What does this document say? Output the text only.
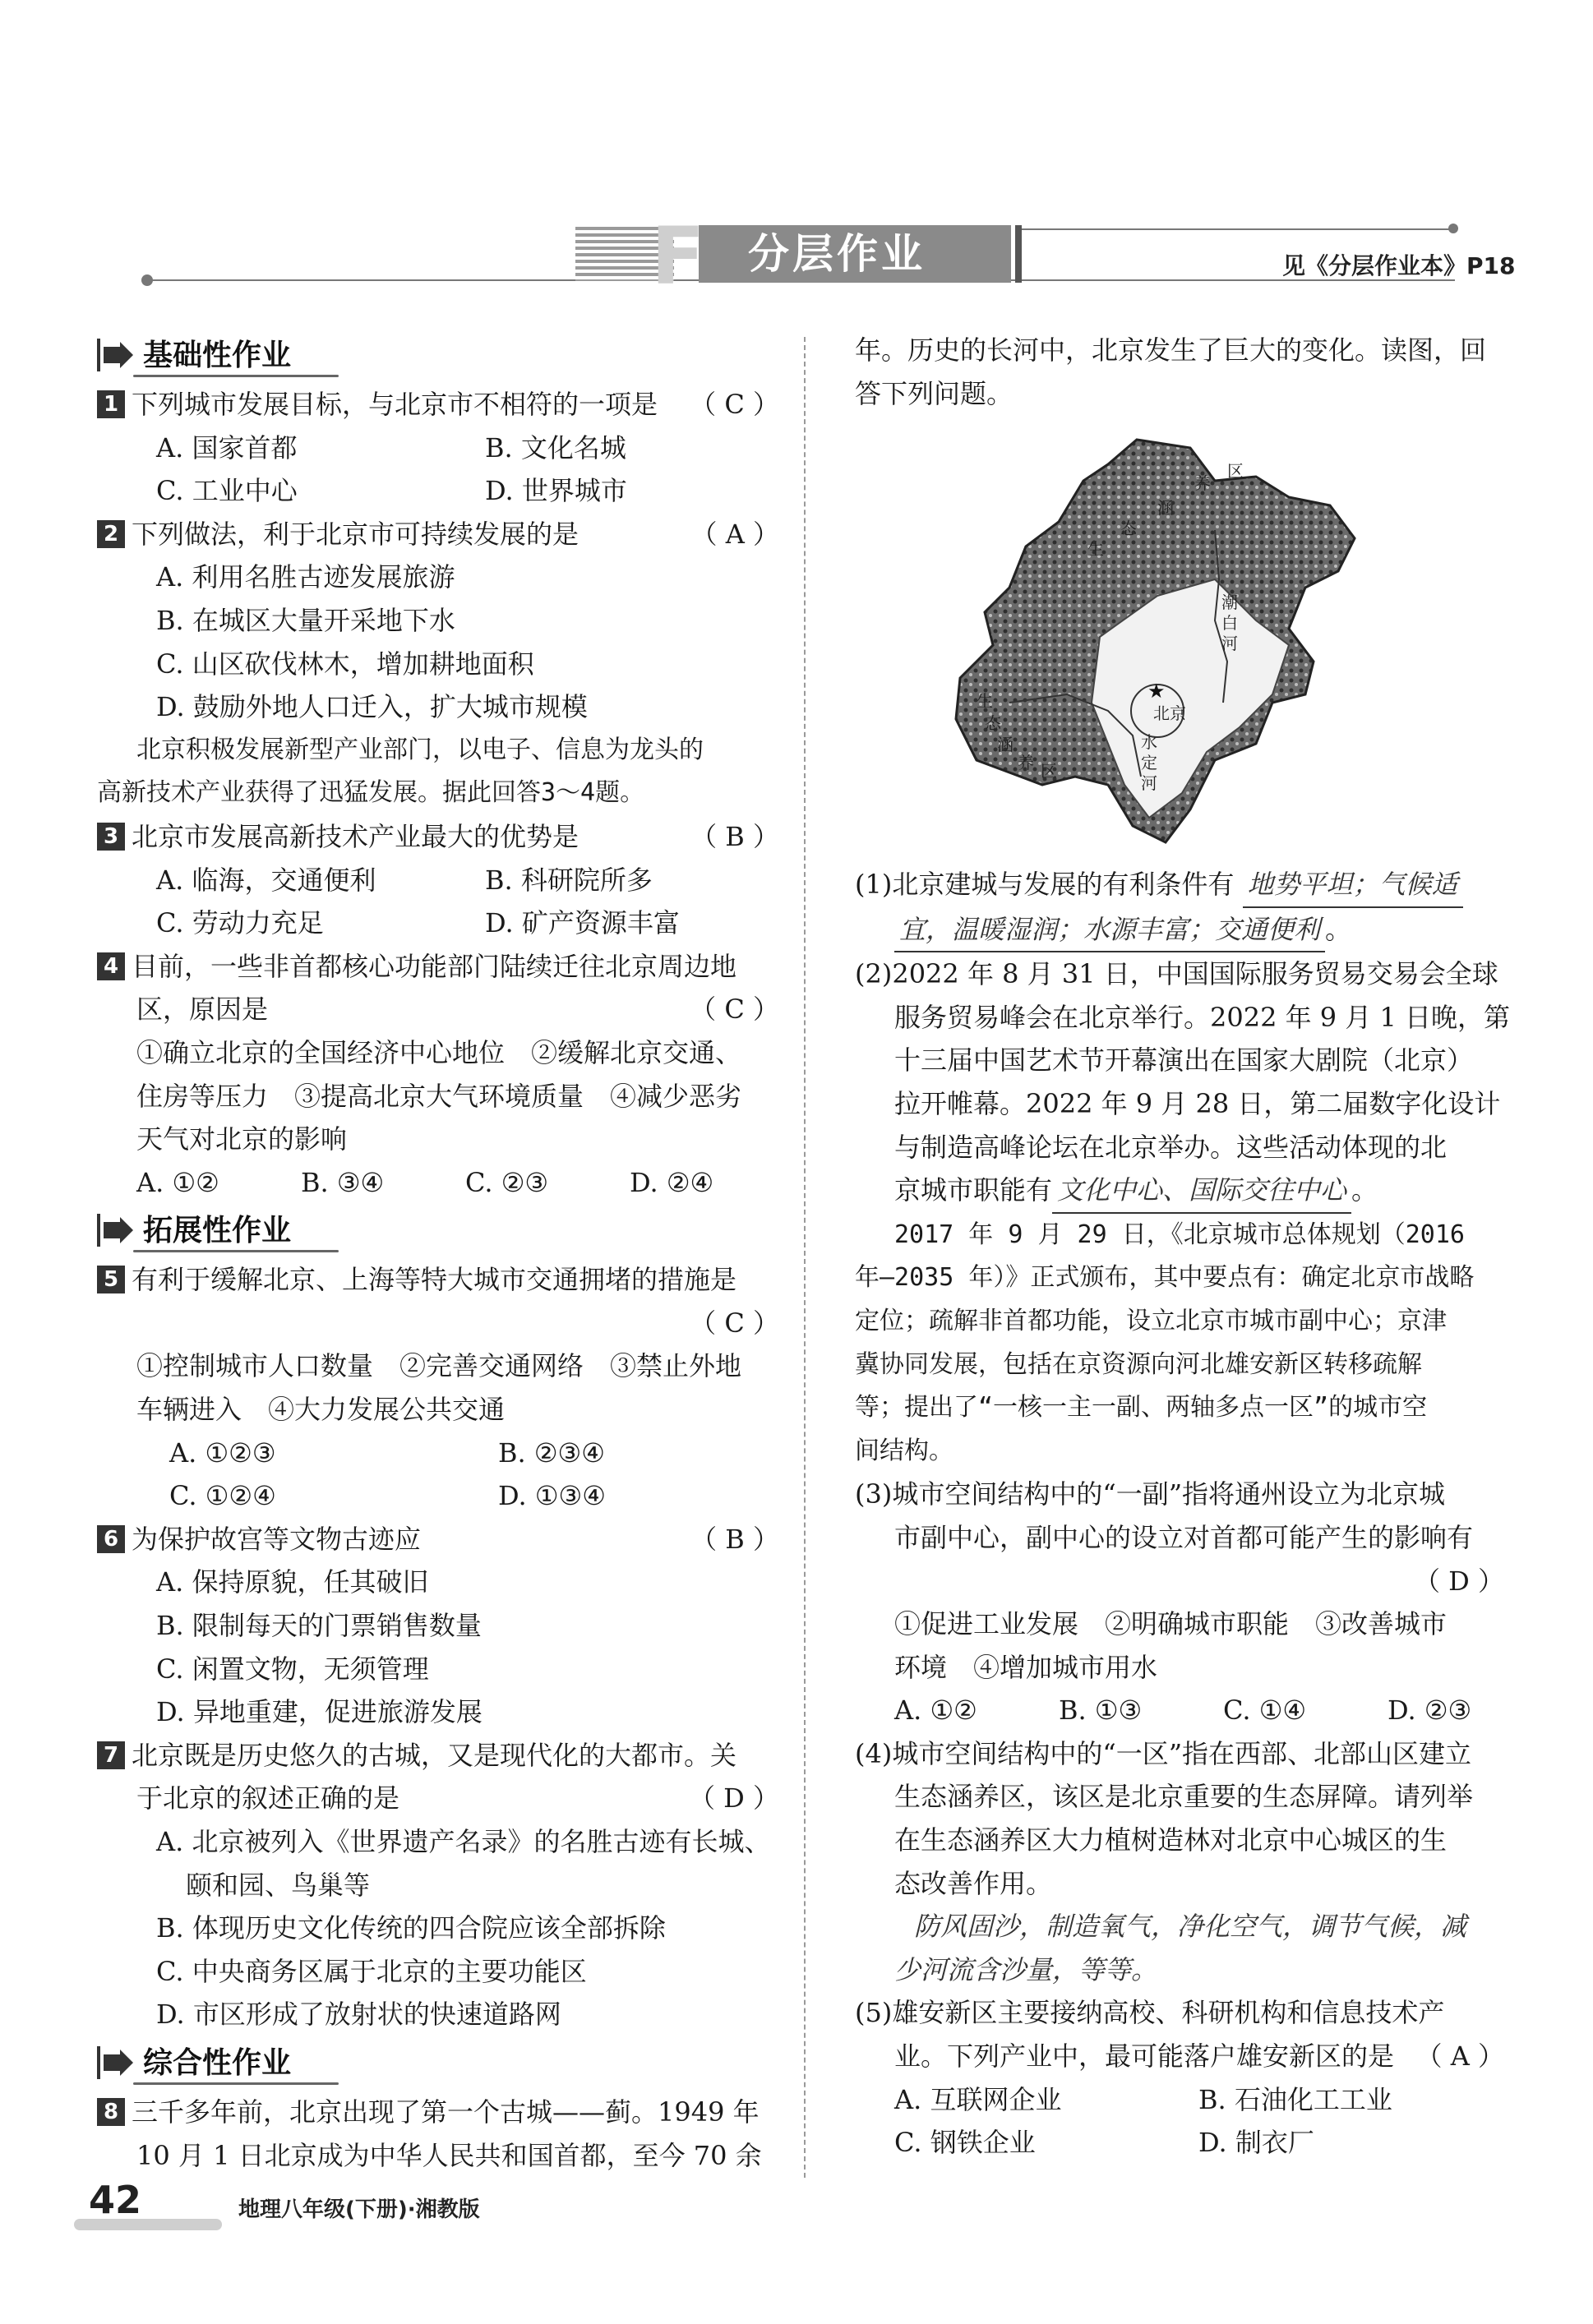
F 分层作业	见《分层作业本》P18
基础性作业
1 下列城市发展目标，与北京市不相符的一项是 （ C ）
A. 国家首都	B. 文化名城
C. 工业中心	D. 世界城市
2 下列做法，利于北京市可持续发展的是	（ A ）
A. 利用名胜古迹发展旅游
B. 在城区大量开采地下水
C. 山区砍伐林木，增加耕地面积
D. 鼓励外地人口迁入，扩大城市规模
北京积极发展新型产业部门，以电子、信息为龙头的
高新技术产业获得了迅猛发展。据此回答3～4题。
3 北京市发展高新技术产业最大的优势是	（ B ）
A. 临海，交通便利	B. 科研院所多
C. 劳动力充足	D. 矿产资源丰富
4 目前，一些非首都核心功能部门陆续迁往北京周边地
区，原因是	（ C ）
①确立北京的全国经济中心地位　②缓解北京交通、
住房等压力　③提高北京大气环境质量　④减少恶劣
天气对北京的影响
A. ①②	B. ③④	C. ②③	D. ②④
拓展性作业
5 有利于缓解北京、上海等特大城市交通拥堵的措施是

（ C ）
①控制城市人口数量　②完善交通网络　③禁止外地
车辆进入　④大力发展公共交通
A. ①②③	B. ②③④
C. ①②④	D. ①③④
6 为保护故宫等文物古迹应	（ B ）
A. 保持原貌，任其破旧
B. 限制每天的门票销售数量
C. 闲置文物，无须管理
D. 异地重建，促进旅游发展
7 北京既是历史悠久的古城，又是现代化的大都市。关
于北京的叙述正确的是	（ D ）
A. 北京被列入《世界遗产名录》的名胜古迹有长城、
颐和园、鸟巢等
B. 体现历史文化传统的四合院应该全部拆除
C. 中央商务区属于北京的主要功能区
D. 市区形成了放射状的快速道路网
综合性作业
8 三千多年前，北京出现了第一个古城——蓟。1949 年
10 月 1 日北京成为中华人民共和国首都，至今 70 余
年。历史的长河中，北京发生了巨大的变化。读图，回
答下列问题。
★
生
态
涵
养
区
潮
白
河
北京
水
定
河
生
态
涵
养 区
(1)北京建城与发展的有利条件有 地势平坦；气候适
宜，温暖湿润；水源丰富；交通便利 。
(2)2022 年 8 月 31 日，中国国际服务贸易交易会全球
服务贸易峰会在北京举行。2022 年 9 月 1 日晚，第
十三届中国艺术节开幕演出在国家大剧院（北京）
拉开帷幕。2022 年 9 月 28 日，第二届数字化设计
与制造高峰论坛在北京举办。这些活动体现的北
京城市职能有 文化中心、国际交往中心 。
2017 年 9 月 29 日，《北京城市总体规划（2016
年—2035 年）》正式颁布，其中要点有：确定北京市战略
定位；疏解非首都功能，设立北京市城市副中心；京津
冀协同发展，包括在京资源向河北雄安新区转移疏解
等；提出了“一核一主一副、两轴多点一区”的城市空
间结构。
(3)城市空间结构中的“一副”指将通州设立为北京城
市副中心，副中心的设立对首都可能产生的影响有

（ D ）
①促进工业发展　②明确城市职能　③改善城市
环境　④增加城市用水
A. ①②	B. ①③	C. ①④	D. ②③
(4)城市空间结构中的“一区”指在西部、北部山区建立
生态涵养区，该区是北京重要的生态屏障。请列举
在生态涵养区大力植树造林对北京中心城区的生
态改善作用。
防风固沙，制造氧气，净化空气，调节气候，减
少河流含沙量，等等。
(5)雄安新区主要接纳高校、科研机构和信息技术产
业。下列产业中，最可能落户雄安新区的是 （ A ）
A. 互联网企业	B. 石油化工工业
C. 钢铁企业	D. 制衣厂
42	地理八年级(下册)·湘教版
